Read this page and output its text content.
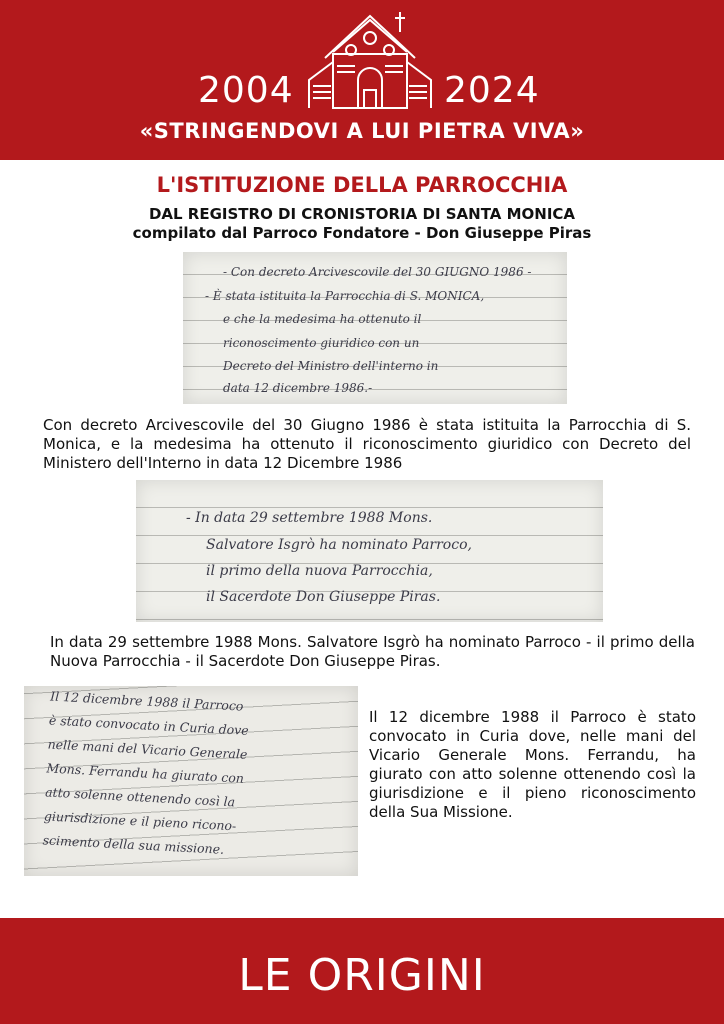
2004	2024
«STRINGENDOVI A LUI PIETRA VIVA»
L'ISTITUZIONE DELLA PARROCCHIA
DAL REGISTRO DI CRONISTORIA DI SANTA MONICA
compilato dal Parroco Fondatore - Don Giuseppe Piras
- Con decreto Arcivescovile del 30 GIUGNO 1986 -
- È stata istituita la Parrocchia di S. MONICA,
e che la medesima ha ottenuto il
riconoscimento giuridico con un
Decreto del Ministro dell'interno in
data 12 dicembre 1986.-
Con decreto Arcivescovile del 30 Giugno 1986 è stata istituita la Parrocchia di S. Monica, e la medesima ha ottenuto il riconoscimento giuridico con Decreto del Ministero dell'Interno in data 12 Dicembre 1986
- In data 29 settembre 1988 Mons.
Salvatore Isgrò ha nominato Parroco,
il primo della nuova Parrocchia,
il Sacerdote Don Giuseppe Piras.
In data 29 settembre 1988 Mons. Salvatore Isgrò ha nominato Parroco - il primo della Nuova Parrocchia - il Sacerdote Don Giuseppe Piras.
Il 12 dicembre 1988 il Parroco
è stato convocato in Curia dove
nelle mani del Vicario Generale
Mons. Ferrandu ha giurato con
atto solenne ottenendo così la
giurisdizione e il pieno ricono-
scimento della sua missione.
Il 12 dicembre 1988 il Parroco è stato convocato in Curia dove, nelle mani del Vicario Generale Mons. Ferrandu, ha giurato con atto solenne ottenendo così la giurisdizione e il pieno riconoscimento della Sua Missione.
LE ORIGINI
